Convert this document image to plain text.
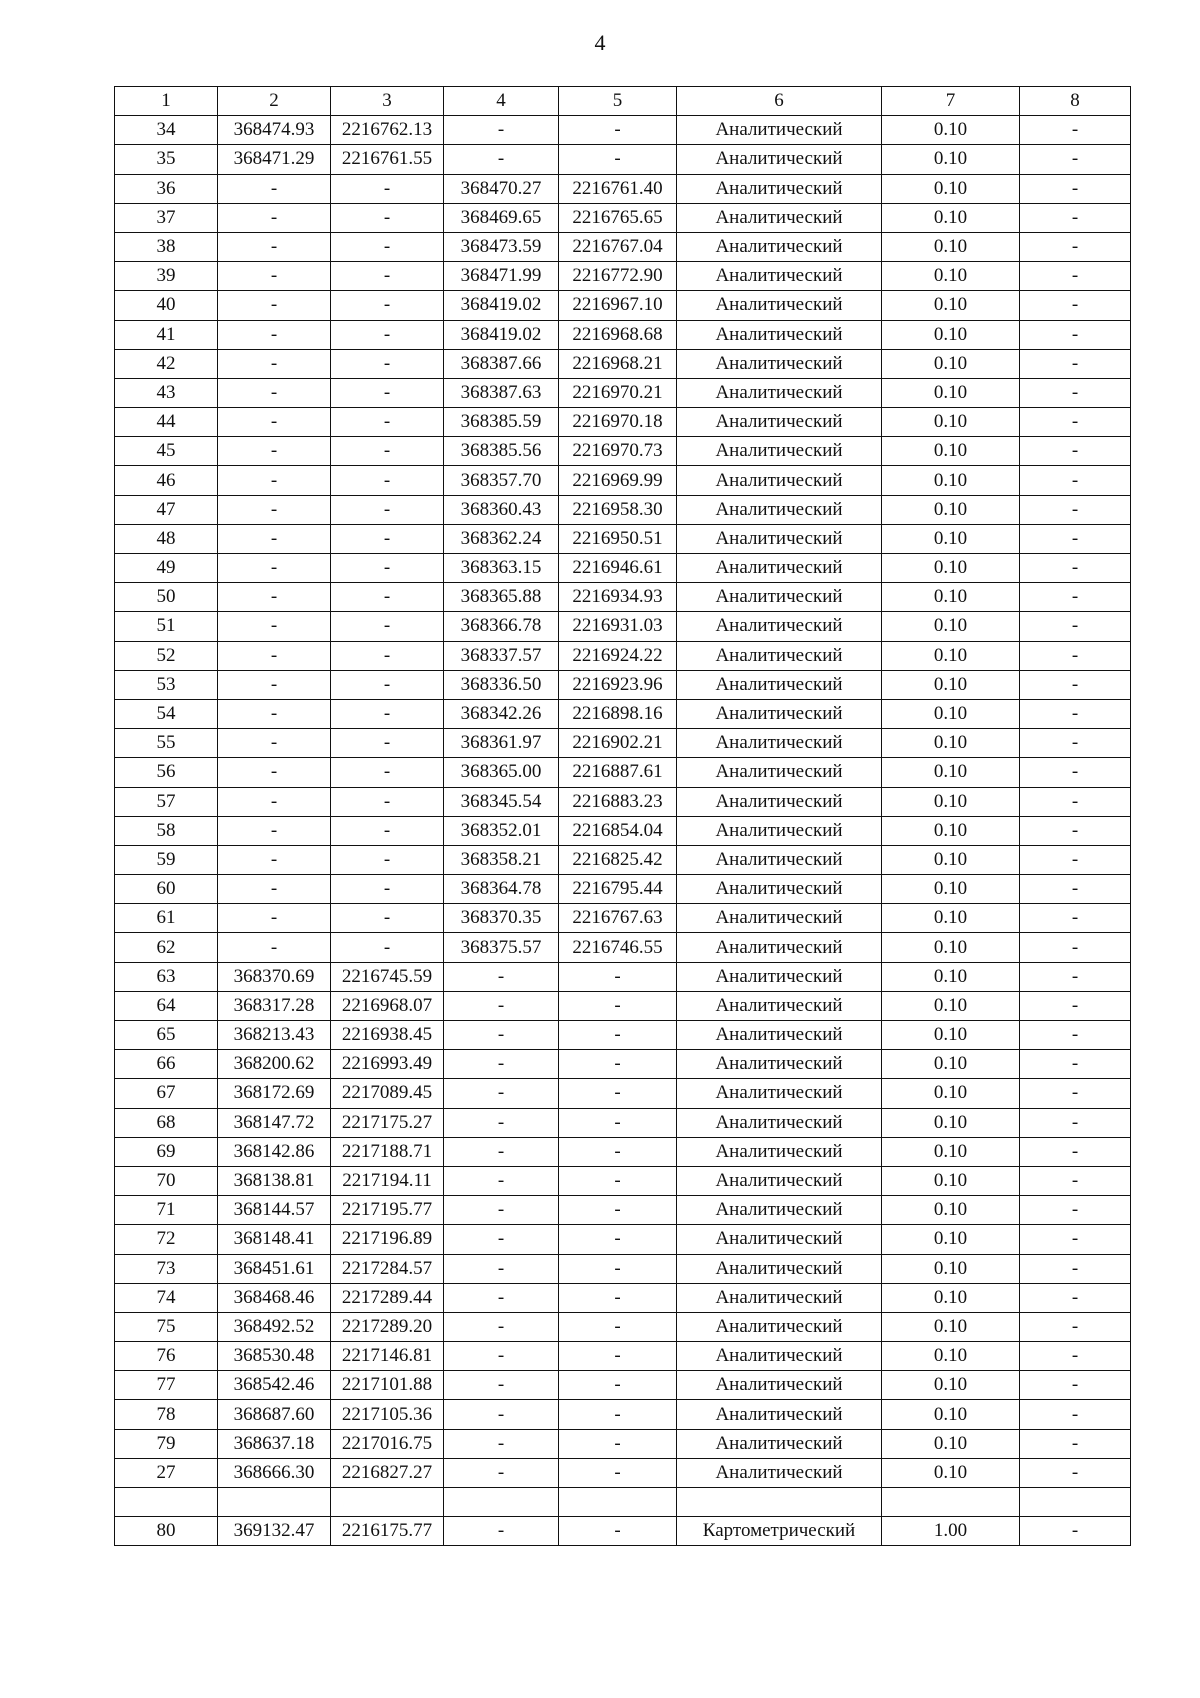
4
1	2	3	4	5	6	7	8
34	368474.93	2216762.13	-	-	Аналитический	0.10	-
35	368471.29	2216761.55	-	-	Аналитический	0.10	-
36	-	-	368470.27	2216761.40	Аналитический	0.10	-
37	-	-	368469.65	2216765.65	Аналитический	0.10	-
38	-	-	368473.59	2216767.04	Аналитический	0.10	-
39	-	-	368471.99	2216772.90	Аналитический	0.10	-
40	-	-	368419.02	2216967.10	Аналитический	0.10	-
41	-	-	368419.02	2216968.68	Аналитический	0.10	-
42	-	-	368387.66	2216968.21	Аналитический	0.10	-
43	-	-	368387.63	2216970.21	Аналитический	0.10	-
44	-	-	368385.59	2216970.18	Аналитический	0.10	-
45	-	-	368385.56	2216970.73	Аналитический	0.10	-
46	-	-	368357.70	2216969.99	Аналитический	0.10	-
47	-	-	368360.43	2216958.30	Аналитический	0.10	-
48	-	-	368362.24	2216950.51	Аналитический	0.10	-
49	-	-	368363.15	2216946.61	Аналитический	0.10	-
50	-	-	368365.88	2216934.93	Аналитический	0.10	-
51	-	-	368366.78	2216931.03	Аналитический	0.10	-
52	-	-	368337.57	2216924.22	Аналитический	0.10	-
53	-	-	368336.50	2216923.96	Аналитический	0.10	-
54	-	-	368342.26	2216898.16	Аналитический	0.10	-
55	-	-	368361.97	2216902.21	Аналитический	0.10	-
56	-	-	368365.00	2216887.61	Аналитический	0.10	-
57	-	-	368345.54	2216883.23	Аналитический	0.10	-
58	-	-	368352.01	2216854.04	Аналитический	0.10	-
59	-	-	368358.21	2216825.42	Аналитический	0.10	-
60	-	-	368364.78	2216795.44	Аналитический	0.10	-
61	-	-	368370.35	2216767.63	Аналитический	0.10	-
62	-	-	368375.57	2216746.55	Аналитический	0.10	-
63	368370.69	2216745.59	-	-	Аналитический	0.10	-
64	368317.28	2216968.07	-	-	Аналитический	0.10	-
65	368213.43	2216938.45	-	-	Аналитический	0.10	-
66	368200.62	2216993.49	-	-	Аналитический	0.10	-
67	368172.69	2217089.45	-	-	Аналитический	0.10	-
68	368147.72	2217175.27	-	-	Аналитический	0.10	-
69	368142.86	2217188.71	-	-	Аналитический	0.10	-
70	368138.81	2217194.11	-	-	Аналитический	0.10	-
71	368144.57	2217195.77	-	-	Аналитический	0.10	-
72	368148.41	2217196.89	-	-	Аналитический	0.10	-
73	368451.61	2217284.57	-	-	Аналитический	0.10	-
74	368468.46	2217289.44	-	-	Аналитический	0.10	-
75	368492.52	2217289.20	-	-	Аналитический	0.10	-
76	368530.48	2217146.81	-	-	Аналитический	0.10	-
77	368542.46	2217101.88	-	-	Аналитический	0.10	-
78	368687.60	2217105.36	-	-	Аналитический	0.10	-
79	368637.18	2217016.75	-	-	Аналитический	0.10	-
27	368666.30	2216827.27	-	-	Аналитический	0.10	-

80	369132.47	2216175.77	-	-	Картометрический	1.00	-
